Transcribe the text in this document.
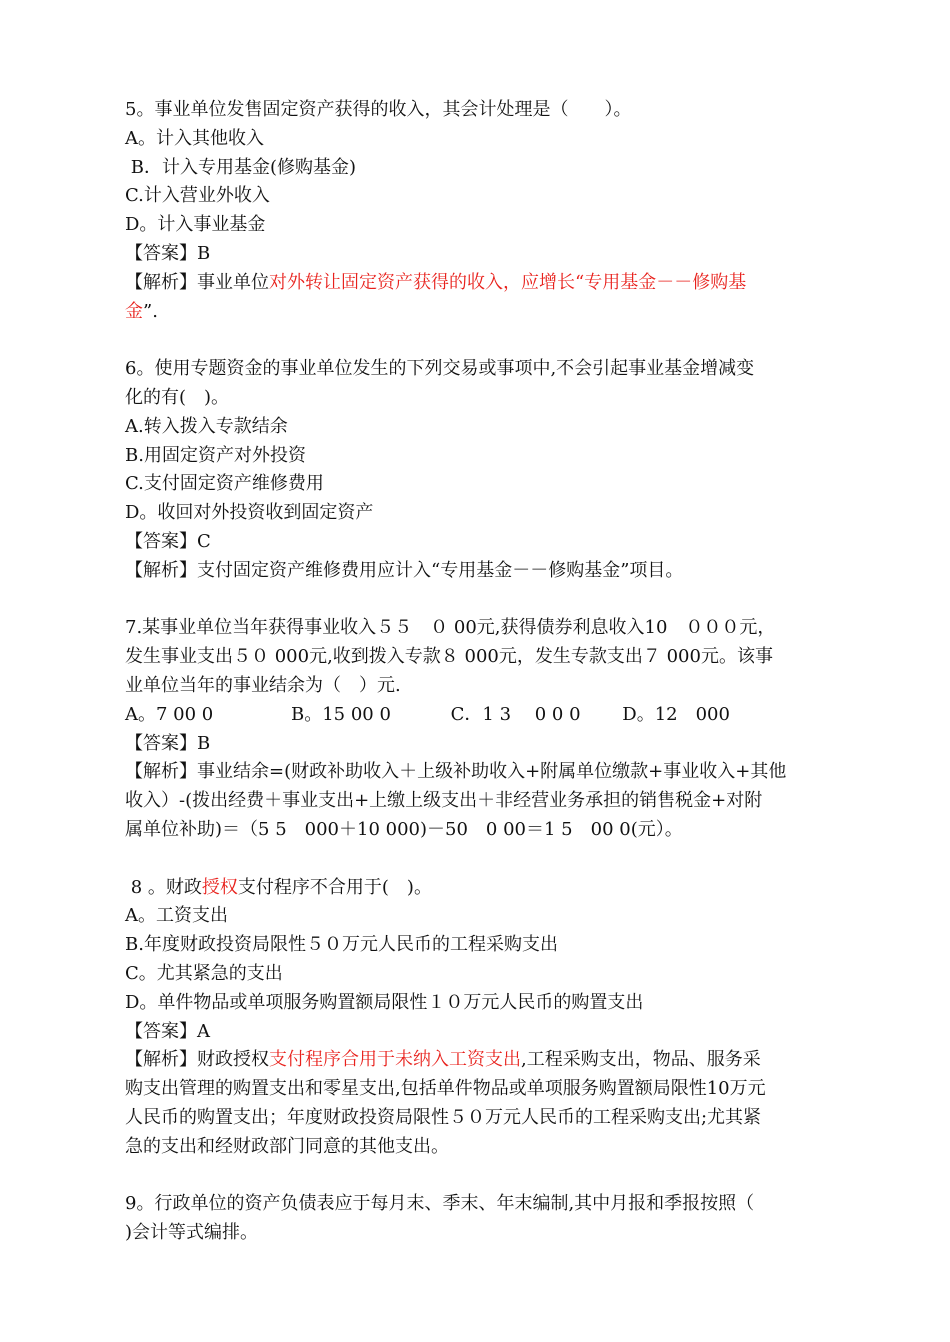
5。事业单位发售固定资产获得的收入，其会计处理是（　　）。
A。计入其他收入
B．计入专用基金(修购基金)
C.计入营业外收入
D。计入事业基金
【答案】B
【解析】事业单位对外转让固定资产获得的收入，应增长“专用基金－－修购基
金”.
6。使用专题资金的事业单位发生的下列交易或事项中,不会引起事业基金增减变
化的有(　)。
A.转入拨入专款结余
B.用固定资产对外投资
C.支付固定资产维修费用
D。收回对外投资收到固定资产
【答案】C
【解析】支付固定资产维修费用应计入“专用基金－－修购基金”项目。
7.某事业单位当年获得事业收入５５　０ 00元,获得债券利息收入10　０００元，
发生事业支出５０ 000元,收到拨入专款８ 000元，发生专款支出７ 000元。该事
业单位当年的事业结余为（　）元.
A。7 00 0　　　　 B。15 00 0　　　 C．1 3　 0 0 0　　 D。12　000
【答案】B
【解析】事业结余=(财政补助收入＋上级补助收入+附属单位缴款+事业收入+其他
收入）-(拨出经费＋事业支出+上缴上级支出＋非经营业务承担的销售税金+对附
属单位补助)＝（5 5　000＋10 000)－50　0 00＝1 5　00 0(元）。
8 。财政授权支付程序不合用于(　)。
A。工资支出
B.年度财政投资局限性５０万元人民币的工程采购支出
C。尤其紧急的支出
D。单件物品或单项服务购置额局限性１０万元人民币的购置支出
【答案】A
【解析】财政授权支付程序合用于未纳入工资支出,工程采购支出，物品、服务采
购支出管理的购置支出和零星支出,包括单件物品或单项服务购置额局限性10万元
人民币的购置支出；年度财政投资局限性５０万元人民币的工程采购支出;尤其紧
急的支出和经财政部门同意的其他支出。
9。行政单位的资产负债表应于每月末、季末、年末编制,其中月报和季报按照（
)会计等式编排。
